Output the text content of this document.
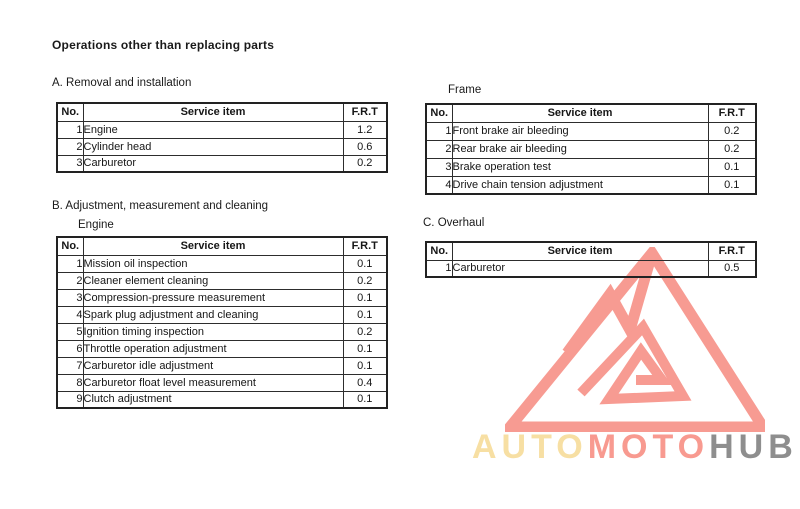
AUTOMOTOHUB
Operations other than replacing parts
A. Removal and installation
Frame
B. Adjustment, measurement and cleaning
Engine	C. Overhaul
No.	Service item	F.R.T
1	Engine	1.2
2	Cylinder head	0.6
3	Carburetor	0.2
No.	Service item	F.R.T
1	Front brake air bleeding	0.2
2	Rear brake air bleeding	0.2
3	Brake operation test	0.1
4	Drive chain tension adjustment	0.1
No.	Service item	F.R.T
1	Mission oil inspection	0.1
2	Cleaner element cleaning	0.2
3	Compression-pressure measurement	0.1
4	Spark plug adjustment and cleaning	0.1
5	Ignition timing inspection	0.2
6	Throttle operation adjustment	0.1
7	Carburetor idle adjustment	0.1
8	Carburetor float level measurement	0.4
9	Clutch adjustment	0.1
No.	Service item	F.R.T
1	Carburetor	0.5
